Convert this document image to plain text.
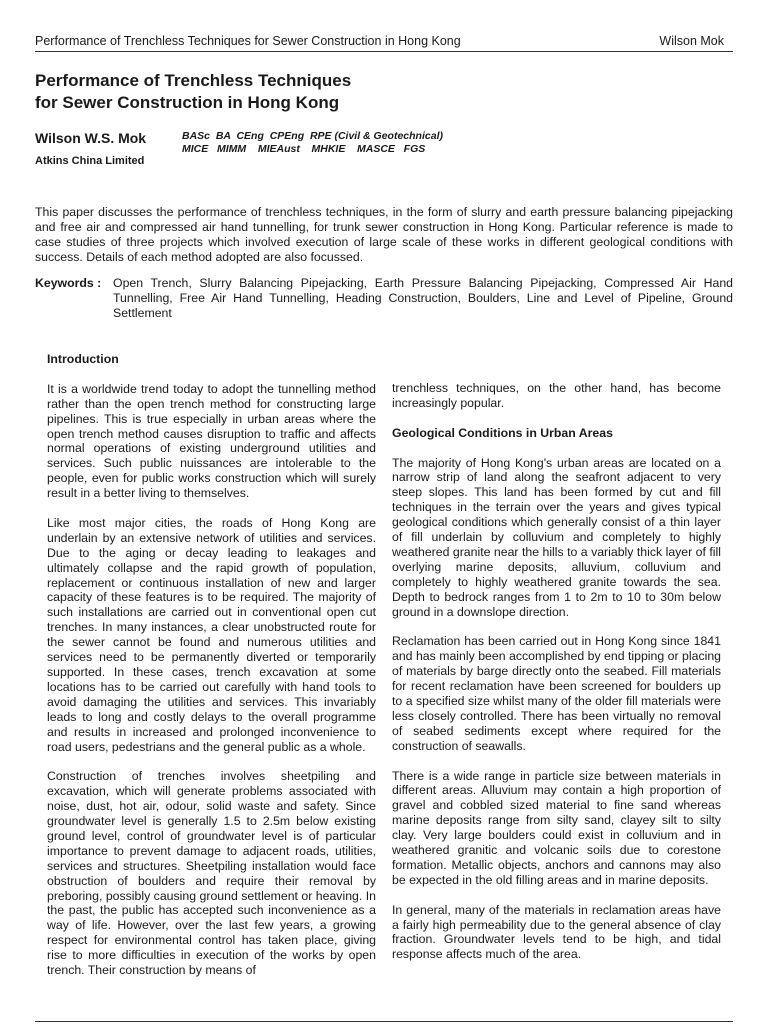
Performance of Trenchless Techniques for Sewer Construction in Hong Kong	Wilson Mok
Performance of Trenchless Techniques
for Sewer Construction in Hong Kong
Wilson W.S. Mok	BASc  BA  CEng  CPEng  RPE (Civil & Geotechnical)
MICE   MIMM    MIEAust    MHKIE    MASCE   FGS
Atkins China Limited
This paper discusses the performance of trenchless techniques, in the form of slurry and earth pressure balancing pipejacking and free air and compressed air hand tunnelling, for trunk sewer construction in Hong Kong. Particular reference is made to case studies of three projects which involved execution of large scale of these works in different geological conditions with success. Details of each method adopted are also focussed.
Keywords : Open Trench, Slurry Balancing Pipejacking, Earth Pressure Balancing Pipejacking, Compressed Air Hand Tunnelling, Free Air Hand Tunnelling, Heading Construction, Boulders, Line and Level of Pipeline, Ground Settlement
Introduction

It is a worldwide trend today to adopt the tunnelling method rather than the open trench method for constructing large pipelines. This is true especially in urban areas where the open trench method causes disruption to traffic and affects normal operations of existing underground utilities and services. Such public nuissances are intolerable to the people, even for public works construction which will surely result in a better living to themselves.

Like most major cities, the roads of Hong Kong are underlain by an extensive network of utilities and services. Due to the aging or decay leading to leakages and ultimately collapse and the rapid growth of population, replacement or continuous installation of new and larger capacity of these features is to be required. The majority of such installations are carried out in conventional open cut trenches. In many instances, a clear unobstructed route for the sewer cannot be found and numerous utilities and services need to be permanently diverted or temporarily supported. In these cases, trench excavation at some locations has to be carried out carefully with hand tools to avoid damaging the utilities and services. This invariably leads to long and costly delays to the overall programme and results in increased and prolonged inconvenience to road users, pedestrians and the general public as a whole.

Construction of trenches involves sheetpiling and excavation, which will generate problems associated with noise, dust, hot air, odour, solid waste and safety. Since groundwater level is generally 1.5 to 2.5m below existing ground level, control of groundwater level is of particular importance to prevent damage to adjacent roads, utilities, services and structures. Sheetpiling installation would face obstruction of boulders and require their removal by preboring, possibly causing ground settlement or heaving. In the past, the public has accepted such inconvenience as a way of life. However, over the last few years, a growing respect for environmental control has taken place, giving rise to more difficulties in execution of the works by open trench. Their construction by means of

trenchless techniques, on the other hand, has become increasingly popular.

Geological Conditions in Urban Areas

The majority of Hong Kong's urban areas are located on a narrow strip of land along the seafront adjacent to very steep slopes. This land has been formed by cut and fill techniques in the terrain over the years and gives typical geological conditions which generally consist of a thin layer of fill underlain by colluvium and completely to highly weathered granite near the hills to a variably thick layer of fill overlying marine deposits, alluvium, colluvium and completely to highly weathered granite towards the sea. Depth to bedrock ranges from 1 to 2m to 10 to 30m below ground in a downslope direction.

Reclamation has been carried out in Hong Kong since 1841 and has mainly been accomplished by end tipping or placing of materials by barge directly onto the seabed. Fill materials for recent reclamation have been screened for boulders up to a specified size whilst many of the older fill materials were less closely controlled. There has been virtually no removal of seabed sediments except where required for the construction of seawalls.

There is a wide range in particle size between materials in different areas. Alluvium may contain a high proportion of gravel and cobbled sized material to fine sand whereas marine deposits range from silty sand, clayey silt to silty clay. Very large boulders could exist in colluvium and in weathered granitic and volcanic soils due to corestone formation. Metallic objects, anchors and cannons may also be expected in the old filling areas and in marine deposits.

In general, many of the materials in reclamation areas have a fairly high permeability due to the general absence of clay fraction. Groundwater levels tend to be high, and tidal response affects much of the area.
